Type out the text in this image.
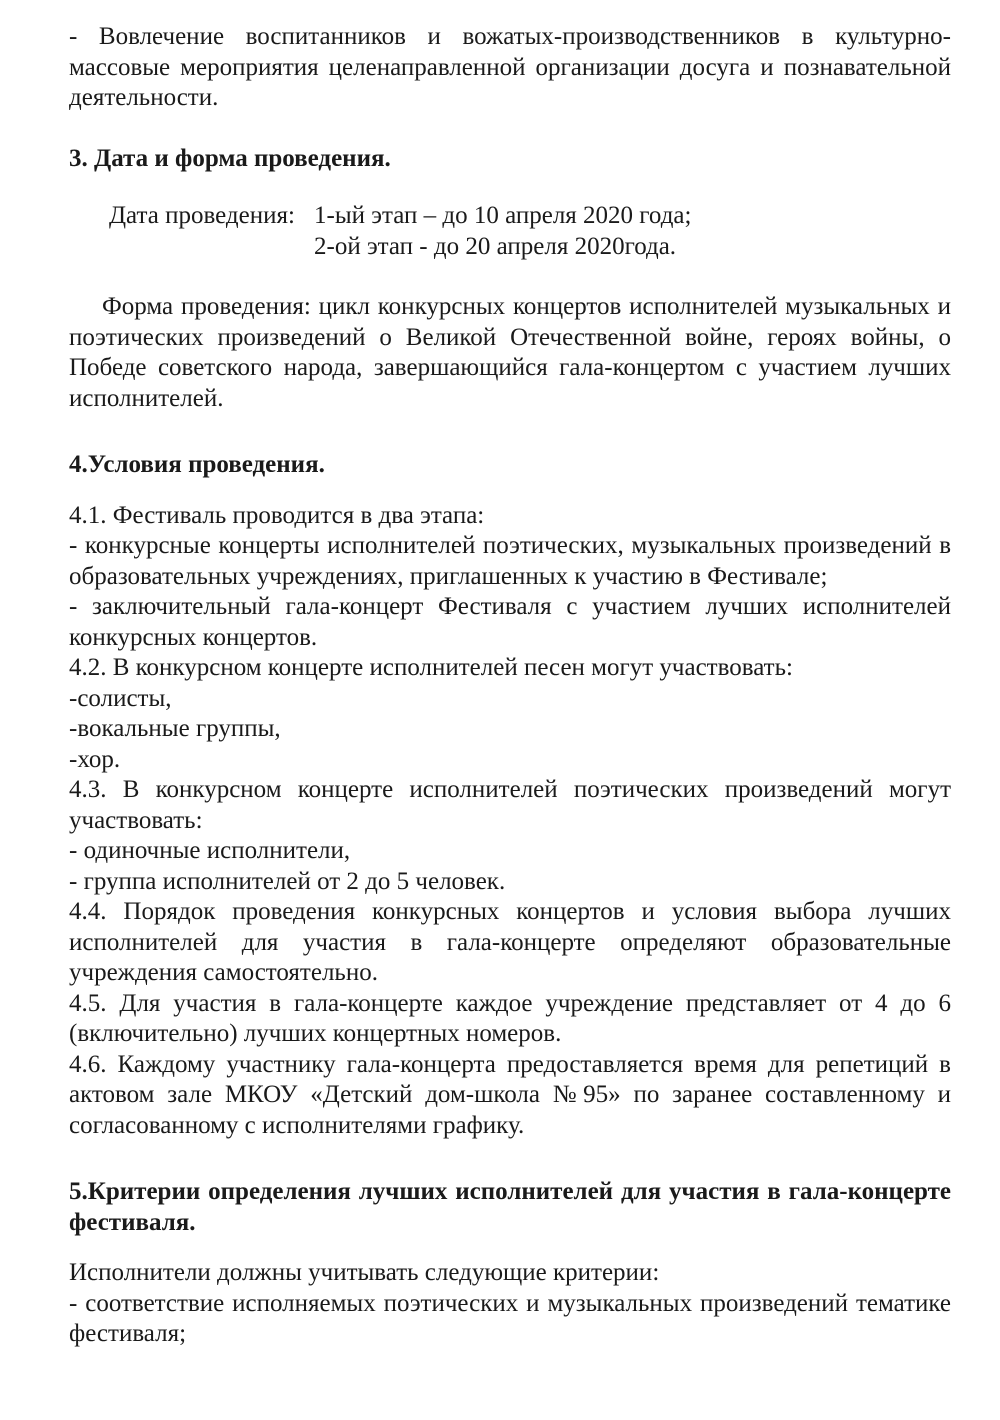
- Вовлечение воспитанников и вожатых-производственников в культурно-массовые мероприятия целенаправленной организации досуга и познавательной деятельности.

3. Дата и форма проведения.

Дата проведения: 1-ый этап – до 10 апреля 2020 года;
2-ой этап - до 20 апреля 2020года.

Форма проведения: цикл конкурсных концертов исполнителей музыкальных и поэтических произведений о Великой Отечественной войне, героях войны, о Победе советского народа, завершающийся гала-концертом с участием лучших исполнителей.

4.Условия проведения.

4.1. Фестиваль проводится в два этапа:

- конкурсные концерты исполнителей поэтических, музыкальных произведений в образовательных учреждениях, приглашенных к участию в Фестивале;

- заключительный гала-концерт Фестиваля с участием лучших исполнителей конкурсных концертов.

4.2. В конкурсном концерте исполнителей песен могут участвовать:

-солисты,

-вокальные группы,

-хор.

4.3. В конкурсном концерте исполнителей поэтических произведений могут участвовать:

- одиночные исполнители,

- группа исполнителей от 2 до 5 человек.

4.4. Порядок проведения конкурсных концертов и условия выбора лучших исполнителей для участия в гала-концерте определяют образовательные учреждения самостоятельно.

4.5. Для участия в гала-концерте каждое учреждение представляет от 4 до 6 (включительно) лучших концертных номеров.

4.6. Каждому участнику гала-концерта предоставляется время для репетиций в актовом зале МКОУ «Детский дом-школа №95» по заранее составленному и согласованному с исполнителями графику.

5.Критерии определения лучших исполнителей для участия в гала-концерте фестиваля.

Исполнители должны учитывать следующие критерии:

- соответствие исполняемых поэтических и музыкальных произведений тематике фестиваля;
